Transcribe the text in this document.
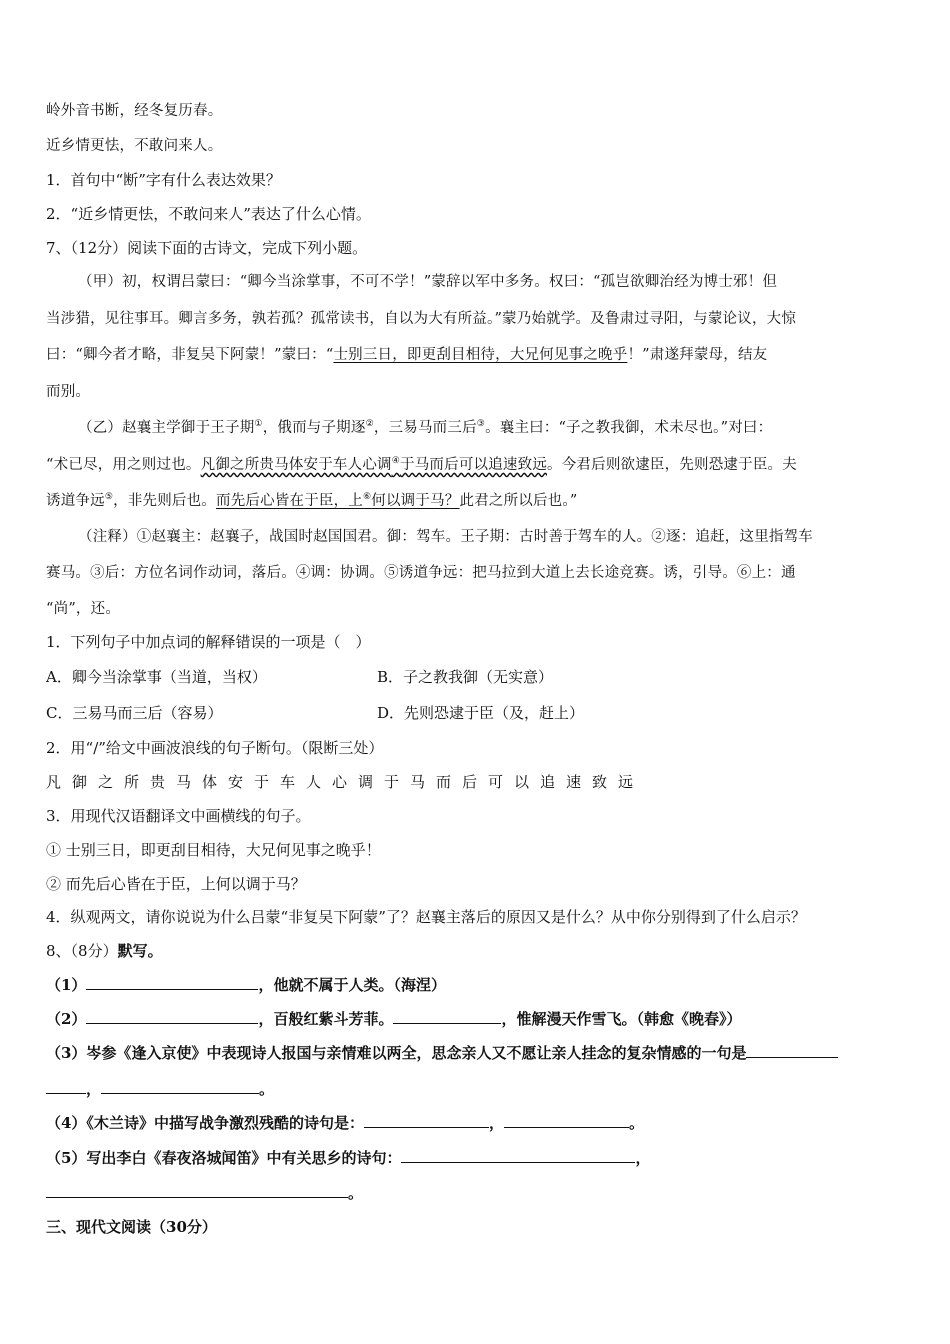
岭外音书断，经冬复历春。
近乡情更怯，不敢问来人。
1．首句中“断”字有什么表达效果？
2．“近乡情更怯，不敢问来人”表达了什么心情。
7、（12分）阅读下面的古诗文，完成下列小题。
（甲）初，权谓吕蒙曰：“卿今当涂掌事，不可不学！”蒙辞以军中多务。权曰：“孤岂欲卿治经为博士邪！但
当涉猎，见往事耳。卿言多务，孰若孤？孤常读书，自以为大有所益。”蒙乃始就学。及鲁肃过寻阳，与蒙论议，大惊
曰：“卿今者才略，非复吴下阿蒙！”蒙曰：“士别三日，即更刮目相待，大兄何见事之晚乎！”肃遂拜蒙母，结友
而别。
（乙）赵襄主学御于王子期①，俄而与子期逐②，三易马而三后③。襄主曰：“子之教我御，术未尽也。”对曰：
“术已尽，用之则过也。凡御之所贵马体安于车人心调④于马而后可以追速致远。今君后则欲逮臣，先则恐逮于臣。夫
诱道争远⑤，非先则后也。而先后心皆在于臣，上⑥何以调于马？此君之所以后也。”
（注释）①赵襄主：赵襄子，战国时赵国国君。御：驾车。王子期：古时善于驾车的人。②逐：追赶，这里指驾车
赛马。③后：方位名词作动词，落后。④调：协调。⑤诱道争远：把马拉到大道上去长途竞赛。诱，引导。⑥上：通
“尚”，还。
1．下列句子中加点词的解释错误的一项是（　）
A．卿今当涂掌事（当道，当权）	B．子之教我御（无实意）
C．三易马而三后（容易）	D．先则恐逮于臣（及，赶上）
2．用“/”给文中画波浪线的句子断句。（限断三处）
凡御之所贵马体安于车人心调于马而后可以追速致远
3．用现代汉语翻译文中画横线的句子。
① 士别三日，即更刮目相待，大兄何见事之晚乎！
② 而先后心皆在于臣，上何以调于马？
4．纵观两文，请你说说为什么吕蒙“非复吴下阿蒙”了？赵襄主落后的原因又是什么？从中你分别得到了什么启示？
8、（8分）默写。
（1）	，他就不属于人类。（海涅）
（2）	，百般红紫斗芳菲。	，惟解漫天作雪飞。（韩愈《晚春》）
（3）岑参《逢入京使》中表现诗人报国与亲情难以两全，思念亲人又不愿让亲人挂念的复杂情感的一句是
，	。
（4）《木兰诗》中描写战争激烈残酷的诗句是：	，	。
（5）写出李白《春夜洛城闻笛》中有关思乡的诗句：	，
。
三、现代文阅读（30分）
